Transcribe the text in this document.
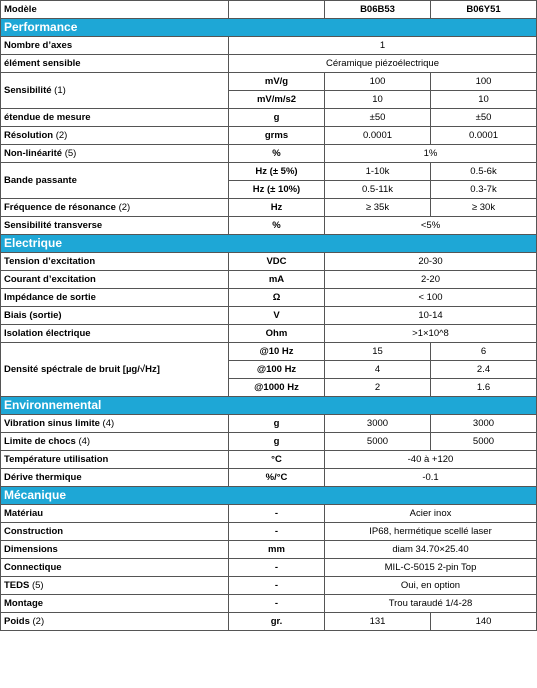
Modèle		B06B53	B06Y51
Performance			
Nombre d’axes	1		
élément sensible	Céramique piézoélectrique		
Sensibilité (1)	mV/g	100	100
	mV/m/s2	10	10
étendue de mesure	g	±50	±50
Résolution (2)	grms	0.0001	0.0001
Non-linéarité (5)	%	1%	
Bande passante	Hz (± 5%)	1-10k	0.5-6k
	Hz (± 10%)	0.5-11k	0.3-7k
Fréquence de résonance (2)	Hz	≥ 35k	≥ 30k
Sensibilité transverse	%	<5%	
Electrique			
Tension d’excitation	VDC	20-30	
Courant d’excitation	mA	2-20	
Impédance de sortie	Ω	< 100	
Biais (sortie)	V	10-14	
Isolation électrique	Ohm	>1×10^8	
Densité spéctrale de bruit [µg/√Hz]	@10 Hz	15	6
	@100 Hz	4	2.4
	@1000 Hz	2	1.6
Environnemental			
Vibration sinus limite (4)	g	3000	3000
Limite de chocs (4)	g	5000	5000
Température utilisation	°C	-40 à +120	
Dérive thermique	%/°C	-0.1	
Mécanique			
Matériau	-	Acier inox	
Construction	-	IP68, hermétique scellé laser	
Dimensions	mm	diam 34.70×25.40	
Connectique	-	MIL-C-5015 2-pin Top	
TEDS (5)	-	Oui, en option	
Montage	-	Trou taraudé 1/4-28	
Poids (2)	gr.	131	140
